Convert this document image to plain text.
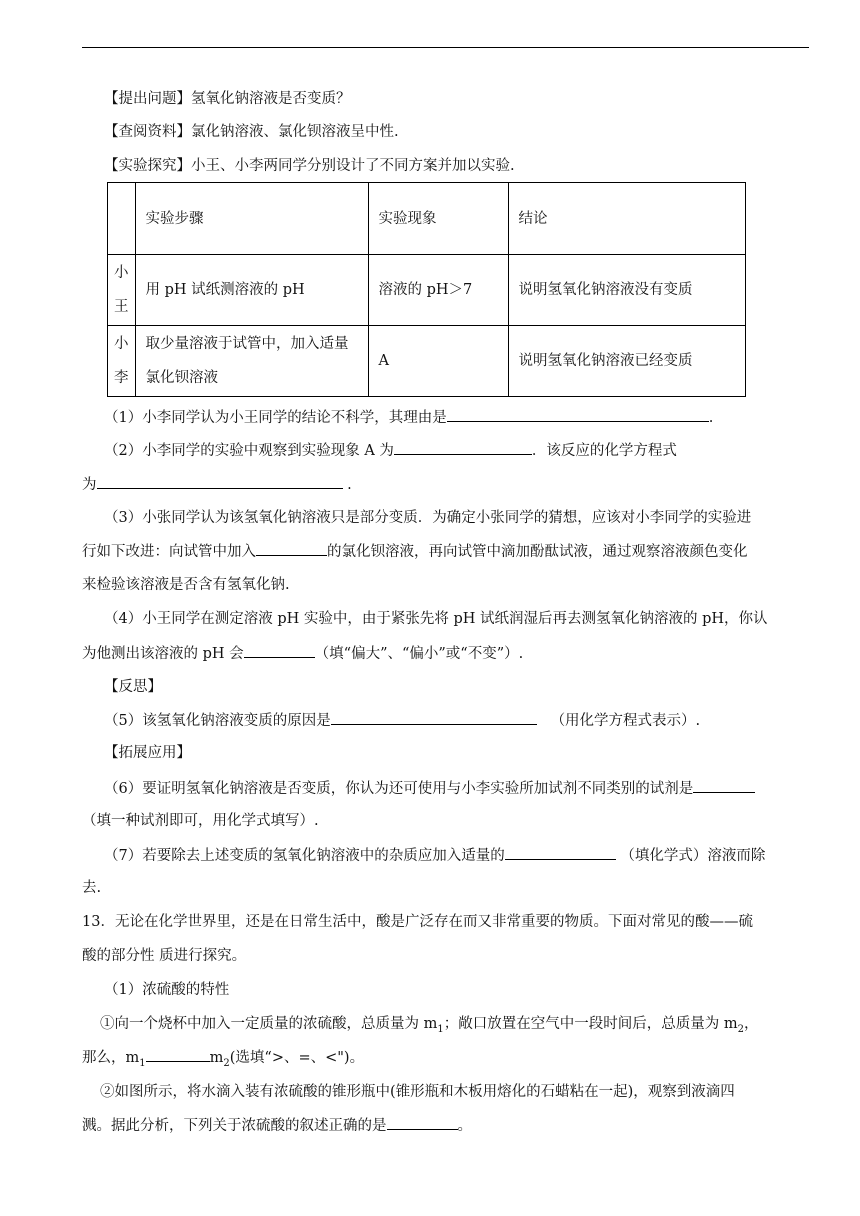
【提出问题】氢氧化钠溶液是否变质？
【查阅资料】氯化钠溶液、氯化钡溶液呈中性.
【实验探究】小王、小李两同学分别设计了不同方案并加以实验.
	实验步骤	实验现象	结论
小
王	用 pH 试纸测溶液的 pH	溶液的 pH＞7	说明氢氧化钠溶液没有变质
小
李	取少量溶液于试管中，加入适量
氯化钡溶液	A	说明氢氧化钠溶液已经变质
（1）小李同学认为小王同学的结论不科学，其理由是	.
（2）小李同学的实验中观察到实验现象 A 为	．该反应的化学方程式
为	.
（3）小张同学认为该氢氧化钠溶液只是部分变质．为确定小张同学的猜想，应该对小李同学的实验进
行如下改进：向试管中加入	的氯化钡溶液，再向试管中滴加酚酞试液，通过观察溶液颜色变化
来检验该溶液是否含有氢氧化钠.
（4）小王同学在测定溶液 pH 实验中，由于紧张先将 pH 试纸润湿后再去测氢氧化钠溶液的 pH，你认
为他测出该溶液的 pH 会	（填“偏大”、“偏小”或“不变”）.
【反思】
（5）该氢氧化钠溶液变质的原因是	（用化学方程式表示）.
【拓展应用】
（6）要证明氢氧化钠溶液是否变质，你认为还可使用与小李实验所加试剂不同类别的试剂是
（填一种试剂即可，用化学式填写）.
（7）若要除去上述变质的氢氧化钠溶液中的杂质应加入适量的	（填化学式）溶液而除
去.
13．无论在化学世界里，还是在日常生活中，酸是广泛存在而又非常重要的物质。下面对常见的酸——硫
酸的部分性 质进行探究。
（1）浓硫酸的特性
①向一个烧杯中加入一定质量的浓硫酸，总质量为 $m_1$；敞口放置在空气中一段时间后，总质量为 $m_2$，
那么，$m_1$	$m_2$(选填“>、=、<")。
②如图所示，将水滴入装有浓硫酸的锥形瓶中(锥形瓶和木板用熔化的石蜡粘在一起)，观察到液滴四
溅。据此分析，下列关于浓硫酸的叙述正确的是	。
